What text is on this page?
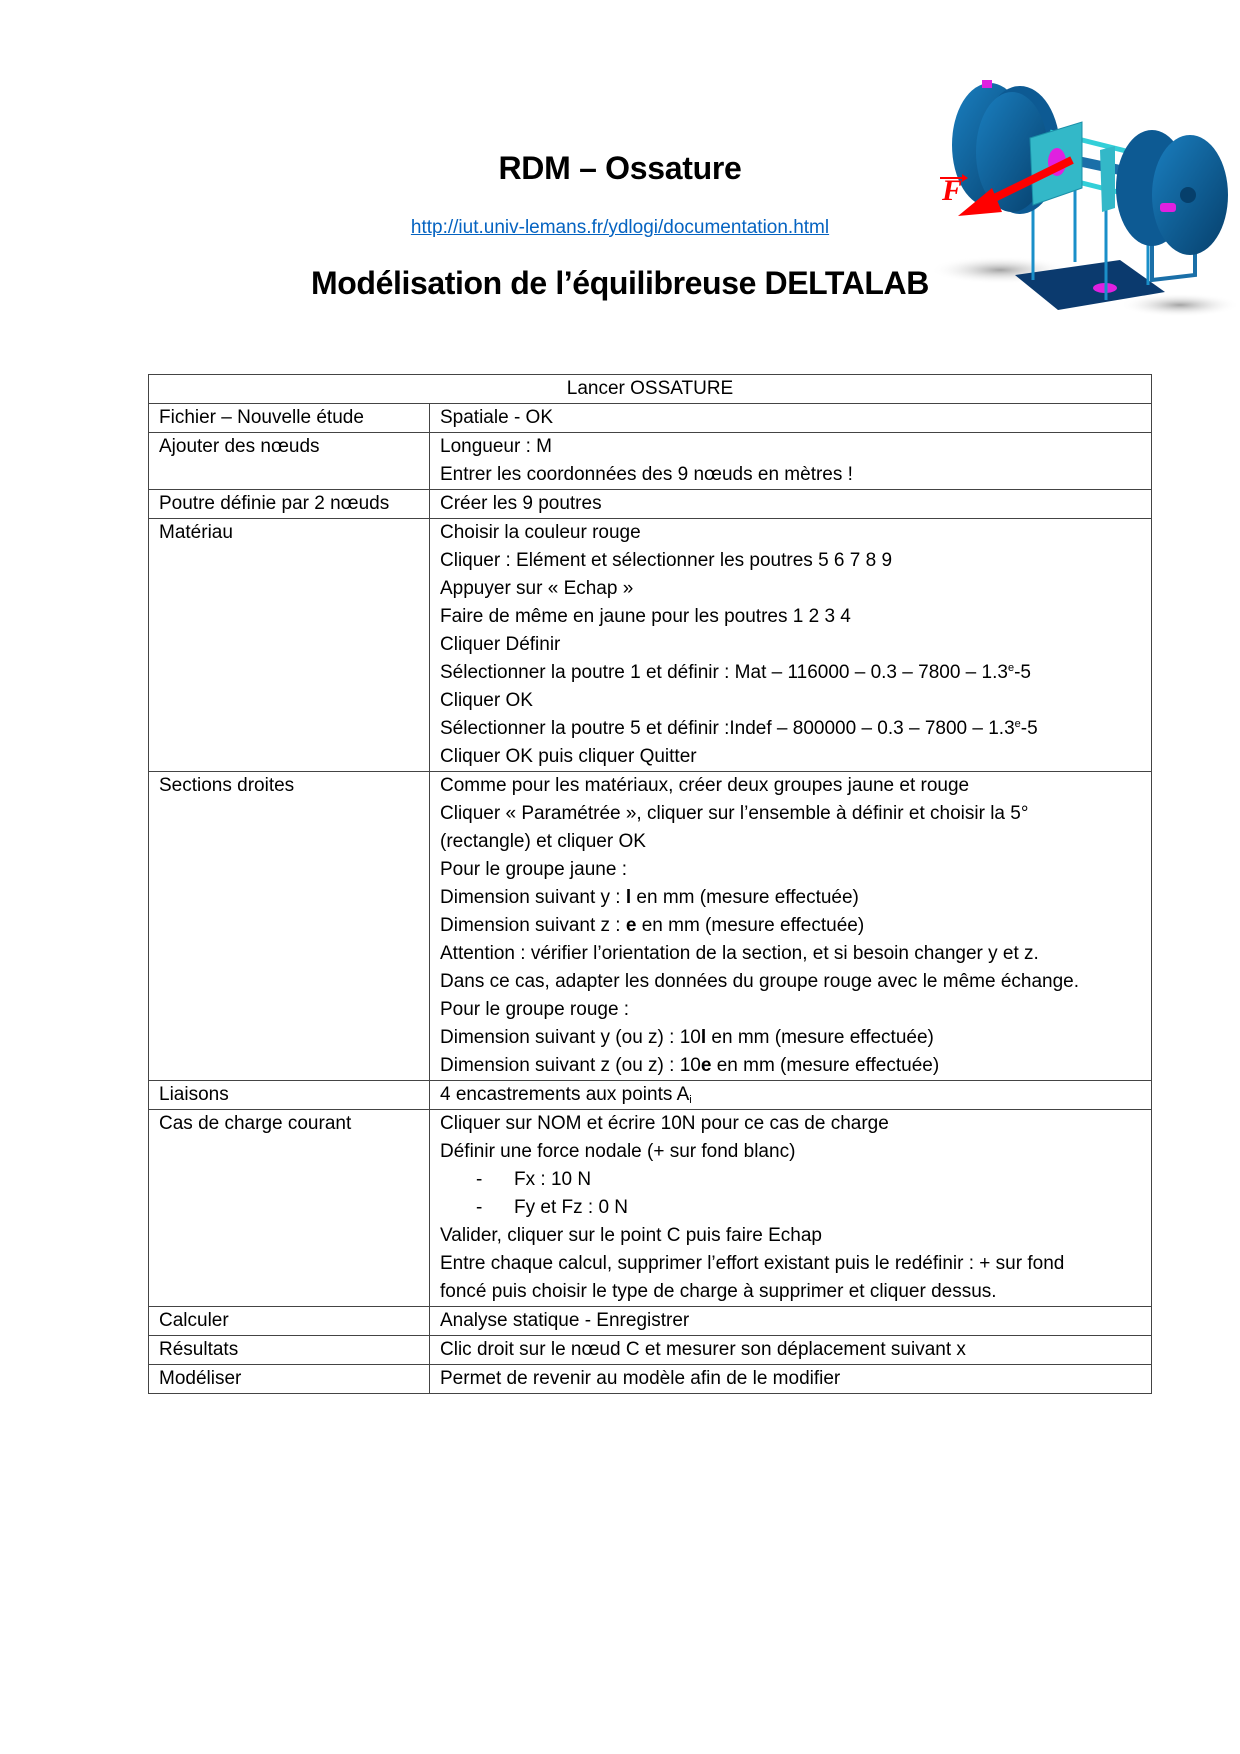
RDM – Ossature
http://iut.univ-lemans.fr/ydlogi/documentation.html
Modélisation de l’équilibreuse DELTALAB
F
Lancer OSSATURE	
Fichier – Nouvelle étude	Spatiale - OK

Ajouter des nœuds	Longueur : M
Entrer les coordonnées des 9 nœuds en mètres !

Poutre définie par 2 nœuds	Créer les 9 poutres

Matériau	Choisir la couleur rouge
Cliquer : Elément et sélectionner les poutres 5 6 7 8 9
Appuyer sur « Echap »
Faire de même en jaune pour les poutres 1 2 3 4
Cliquer Définir
Sélectionner la poutre 1 et définir : Mat – 116000 – 0.3 – 7800 – 1.3e-5
Cliquer OK
Sélectionner la poutre 5 et définir :Indef – 800000 – 0.3 – 7800 – 1.3e-5
Cliquer OK puis cliquer Quitter

Sections droites	Comme pour les matériaux, créer deux groupes jaune et rouge
Cliquer « Paramétrée », cliquer sur l’ensemble à définir et choisir la 5°
(rectangle) et cliquer OK
Pour le groupe jaune :
Dimension suivant y : l en mm (mesure effectuée)
Dimension suivant z : e en mm (mesure effectuée)
Attention : vérifier l’orientation de la section, et si besoin changer y et z.
Dans ce cas, adapter les données du groupe rouge avec le même échange.
Pour le groupe rouge :
Dimension suivant y (ou z) : 10l en mm (mesure effectuée)
Dimension suivant z (ou z) : 10e en mm (mesure effectuée)

Liaisons	4 encastrements aux points $A_i$

Cas de charge courant	Cliquer sur NOM et écrire 10N pour ce cas de charge
Définir une force nodale (+ sur fond blanc)
- Fx : 10 N
- Fy et Fz : 0 N
Valider, cliquer sur le point C puis faire Echap
Entre chaque calcul, supprimer l’effort existant puis le redéfinir : + sur fond
foncé puis choisir le type de charge à supprimer et cliquer dessus.

Calculer	Analyse statique - Enregistrer

Résultats	Clic droit sur le nœud C et mesurer son déplacement suivant x

Modéliser	Permet de revenir au modèle afin de le modifier
